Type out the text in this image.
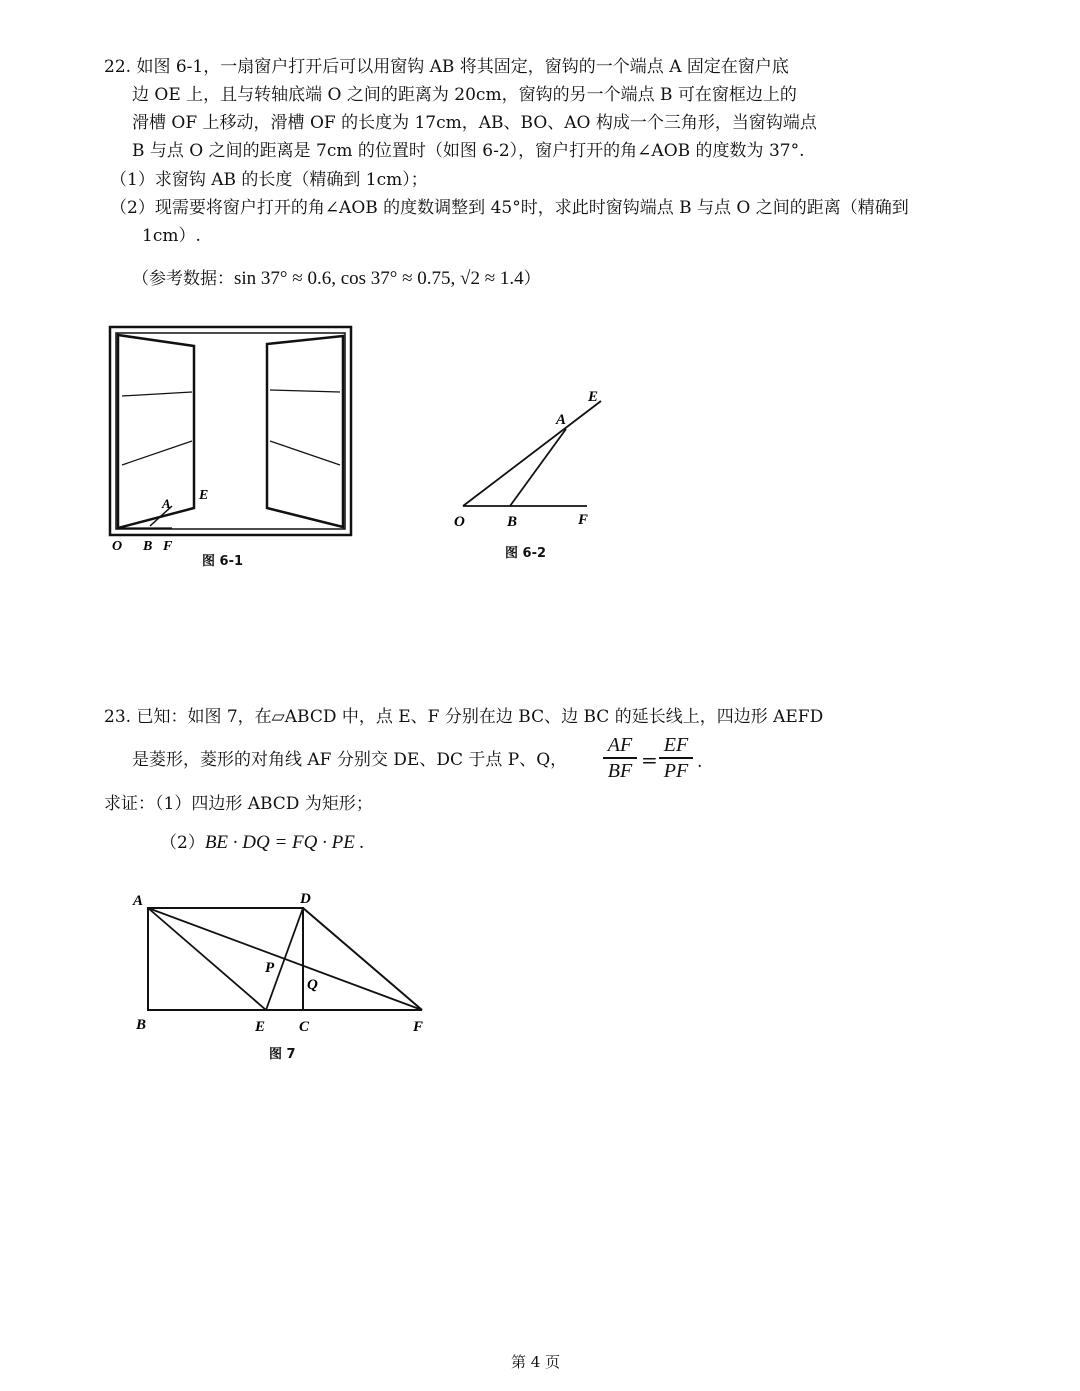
22. 如图 6-1，一扇窗户打开后可以用窗钩 AB 将其固定，窗钩的一个端点 A 固定在窗户底
边 OE 上，且与转轴底端 O 之间的距离为 20cm，窗钩的另一个端点 B 可在窗框边上的
滑槽 OF 上移动，滑槽 OF 的长度为 17cm，AB、BO、AO 构成一个三角形，当窗钩端点
B 与点 O 之间的距离是 7cm 的位置时（如图 6-2），窗户打开的角∠AOB 的度数为 37°.
（1）求窗钩 AB 的长度（精确到 1cm）；
（2）现需要将窗户打开的角∠AOB 的度数调整到 45°时，求此时窗钩端点 B 与点 O 之间的距离（精确到
1cm）.
（参考数据：sin 37° ≈ 0.6, cos 37° ≈ 0.75, √2 ≈ 1.4）
O B F
A
E
图 6-1
O	B	F
A
E
图 6-2
23. 已知：如图 7，在▱ABCD 中，点 E、F 分别在边 BC、边 BC 的延长线上，四边形 AEFD
是菱形，菱形的对角线 AF 分别交 DE、DC 于点 P、Q，
AF
BF =
EF
PF .
求证：（1）四边形 ABCD 为矩形；
（2）BE · DQ = FQ · PE .
A	D
P
Q
B	E C	F
图 7
第 4 页
